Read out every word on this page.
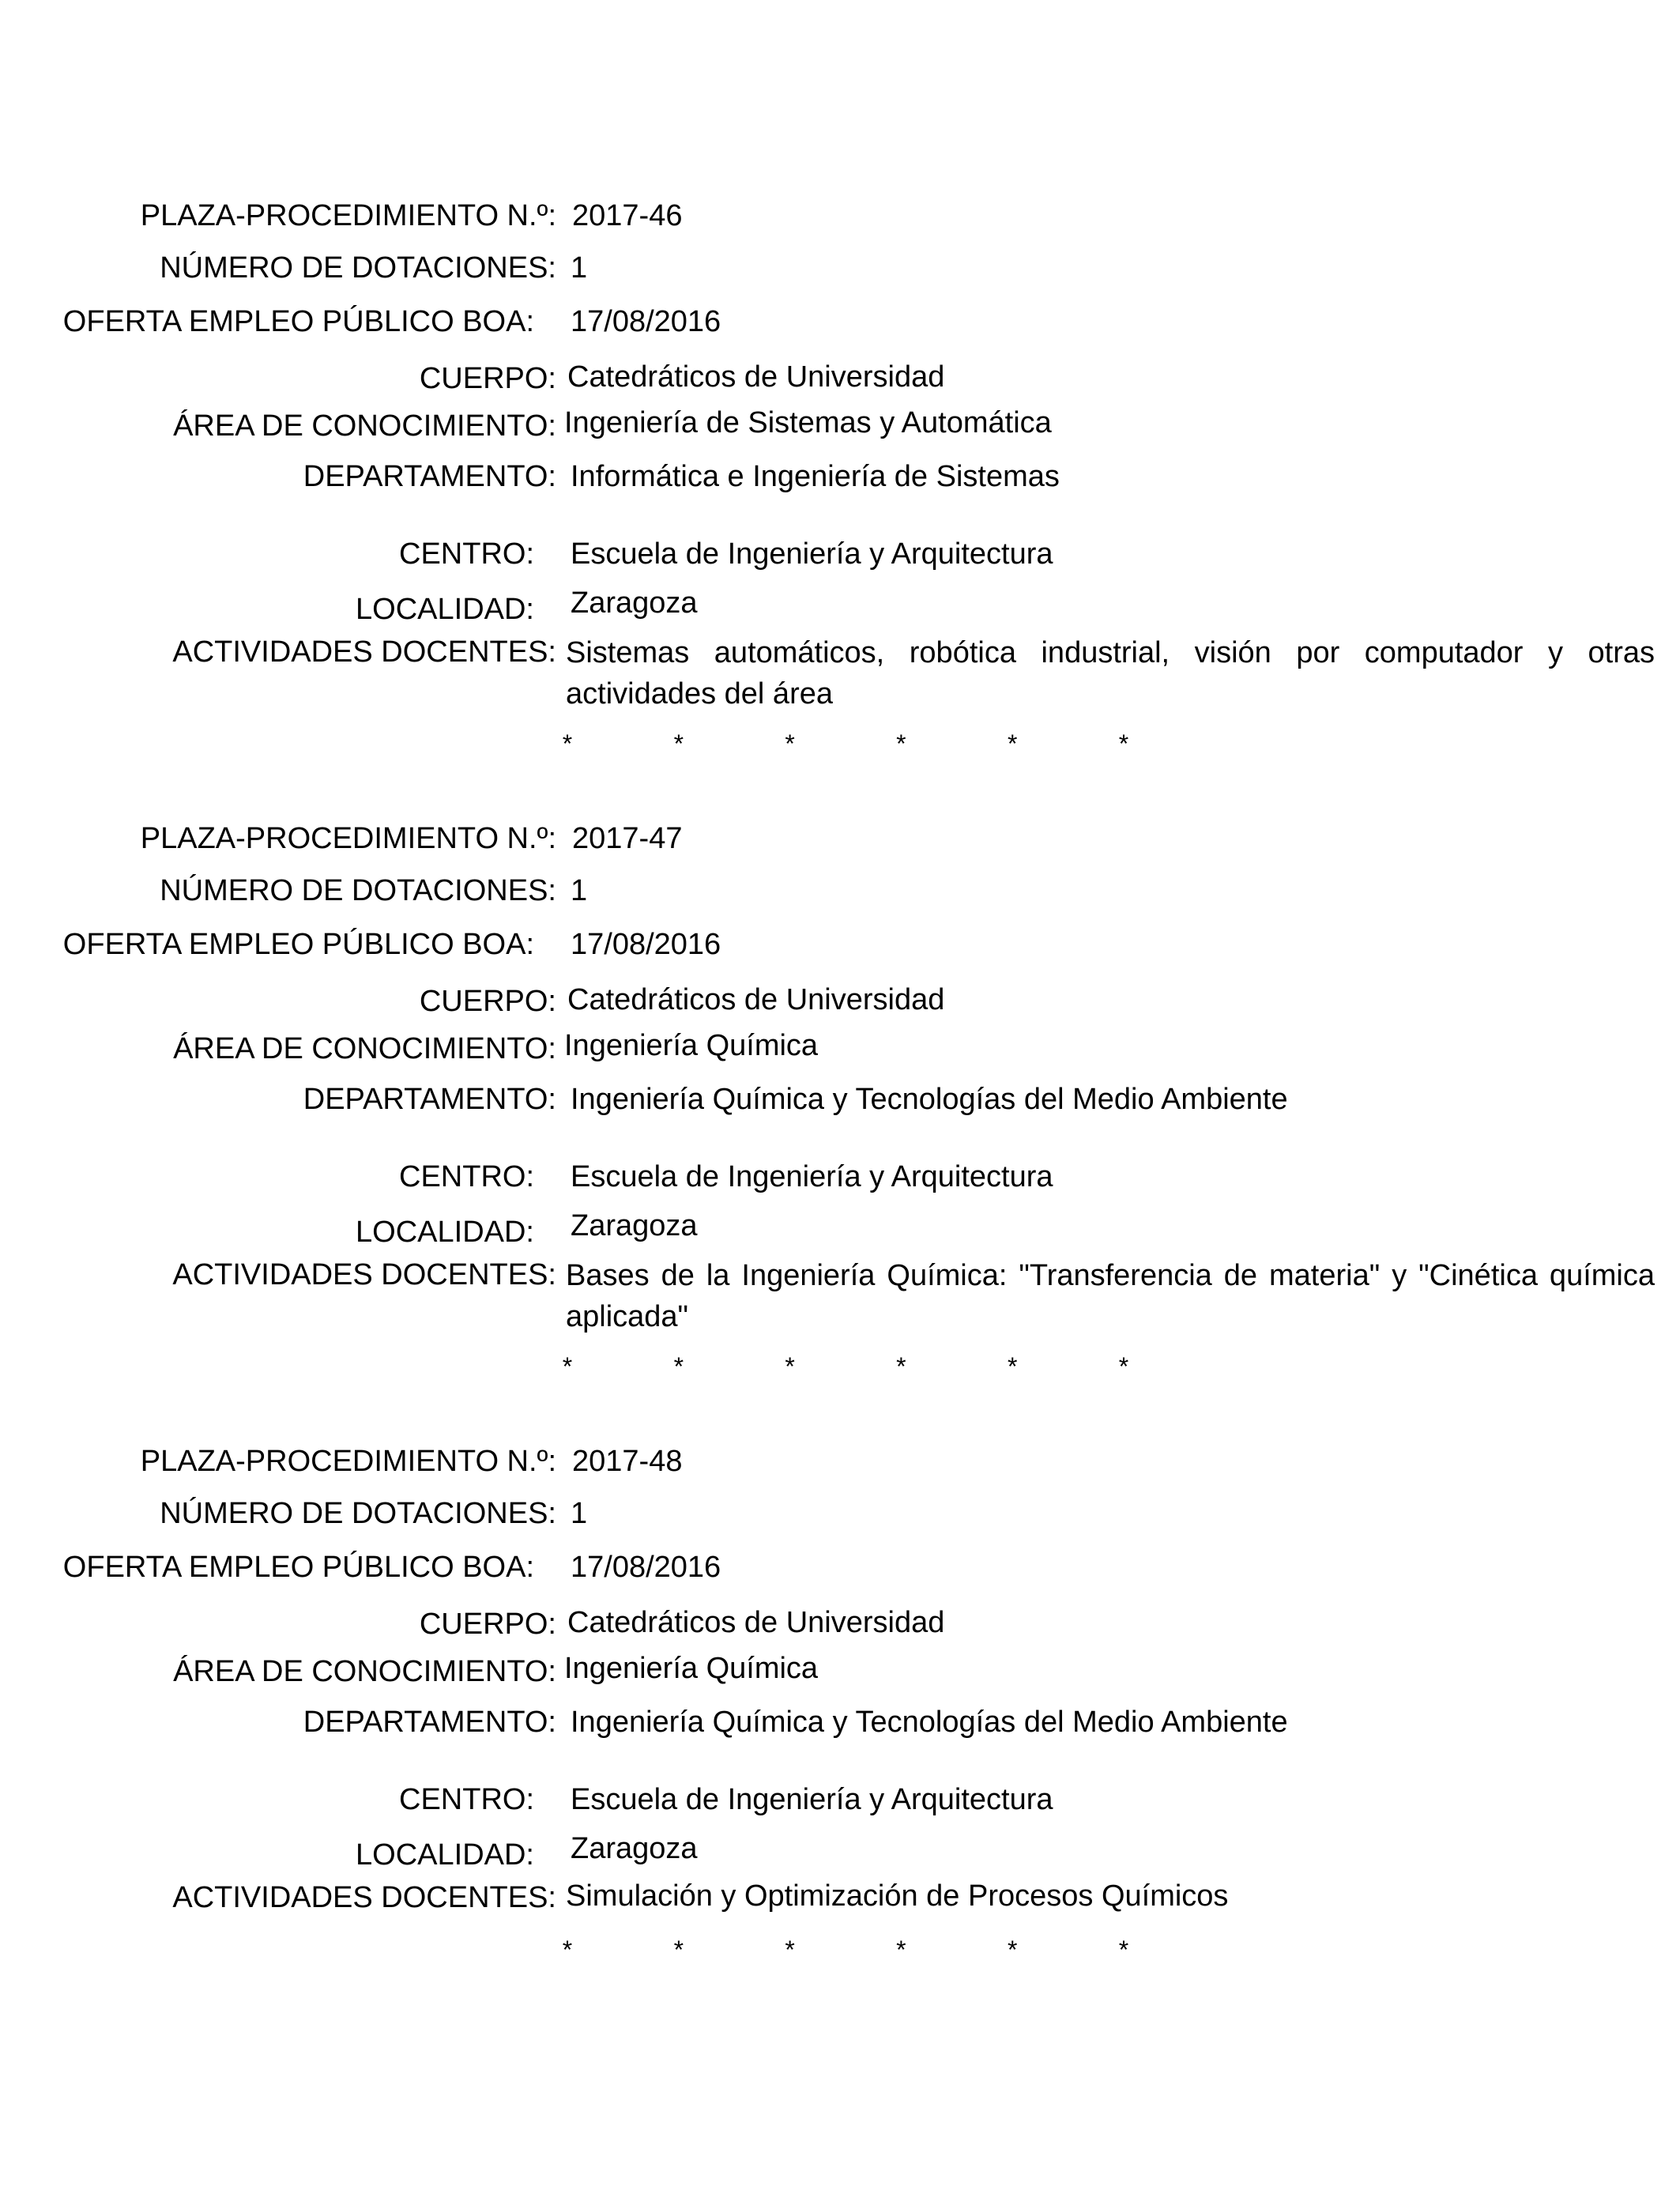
PLAZA-PROCEDIMIENTO N.º: 2017-46
NÚMERO DE DOTACIONES: 1
OFERTA EMPLEO PÚBLICO BOA: 17/08/2016
CUERPO: Catedráticos de Universidad
ÁREA DE CONOCIMIENTO: Ingeniería de Sistemas y Automática
DEPARTAMENTO: Informática e Ingeniería de Sistemas
CENTRO: Escuela de Ingeniería y Arquitectura
LOCALIDAD: Zaragoza
ACTIVIDADES DOCENTES: Sistemas automáticos, robótica industrial, visión por computador y otras actividades del área
*	*	*	*	*	*
PLAZA-PROCEDIMIENTO N.º: 2017-47
NÚMERO DE DOTACIONES: 1
OFERTA EMPLEO PÚBLICO BOA: 17/08/2016
CUERPO: Catedráticos de Universidad
ÁREA DE CONOCIMIENTO: Ingeniería Química
DEPARTAMENTO: Ingeniería Química y Tecnologías del Medio Ambiente
CENTRO: Escuela de Ingeniería y Arquitectura
LOCALIDAD: Zaragoza
ACTIVIDADES DOCENTES: Bases de la Ingeniería Química: "Transferencia de materia" y "Cinética química aplicada"
*	*	*	*	*	*
PLAZA-PROCEDIMIENTO N.º: 2017-48
NÚMERO DE DOTACIONES: 1
OFERTA EMPLEO PÚBLICO BOA: 17/08/2016
CUERPO: Catedráticos de Universidad
ÁREA DE CONOCIMIENTO: Ingeniería Química
DEPARTAMENTO: Ingeniería Química y Tecnologías del Medio Ambiente
CENTRO: Escuela de Ingeniería y Arquitectura
LOCALIDAD: Zaragoza
ACTIVIDADES DOCENTES: Simulación y Optimización de Procesos Químicos
*	*	*	*	*	*
